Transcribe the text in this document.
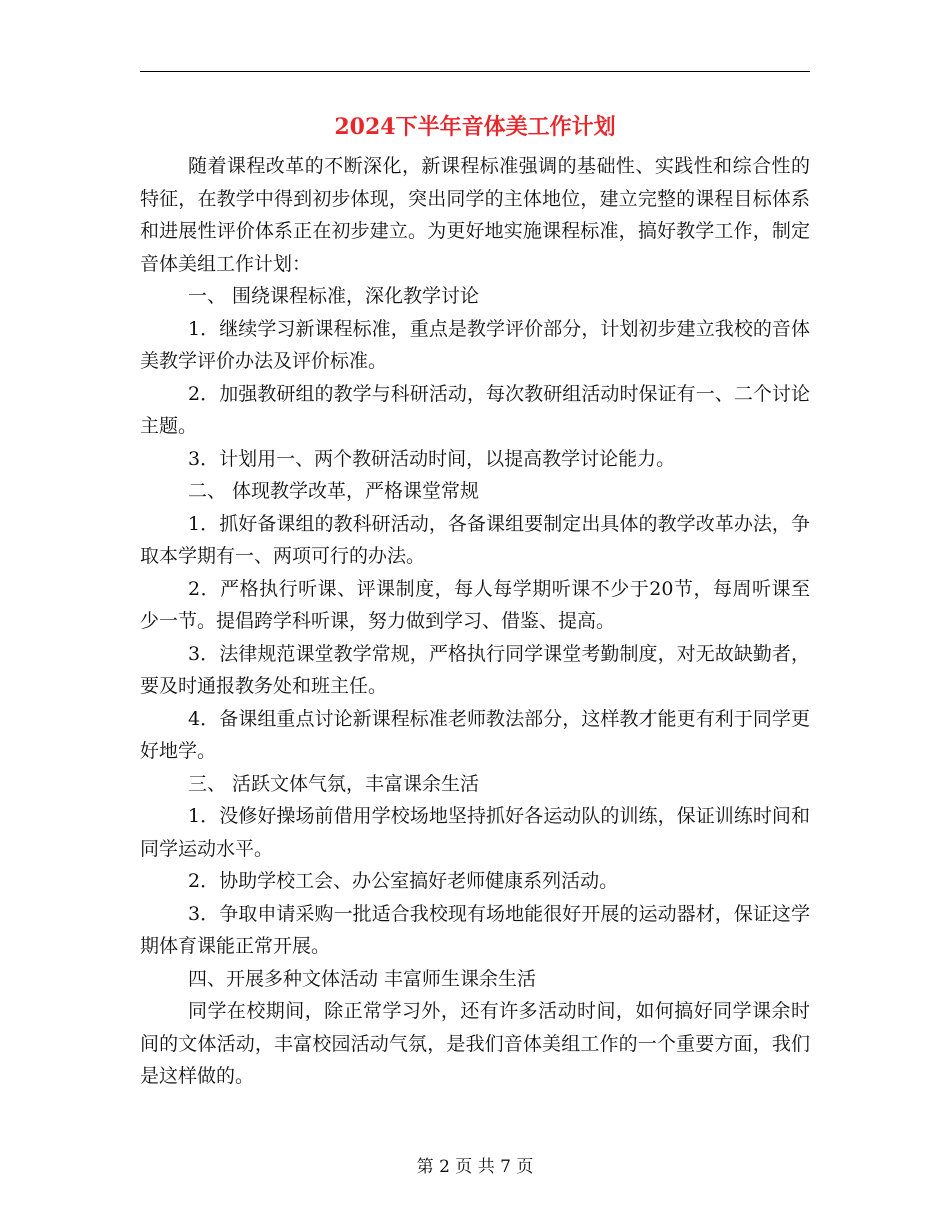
2024下半年音体美工作计划

随着课程改革的不断深化，新课程标准强调的基础性、实践性和综合性的特征，在教学中得到初步体现，突出同学的主体地位，建立完整的课程目标体系和进展性评价体系正在初步建立。为更好地实施课程标准，搞好教学工作，制定音体美组工作计划：

一、 围绕课程标准，深化教学讨论

1．继续学习新课程标准，重点是教学评价部分，计划初步建立我校的音体美教学评价办法及评价标准。

2．加强教研组的教学与科研活动，每次教研组活动时保证有一、二个讨论主题。

3．计划用一、两个教研活动时间，以提高教学讨论能力。

二、 体现教学改革，严格课堂常规

1．抓好备课组的教科研活动，各备课组要制定出具体的教学改革办法，争取本学期有一、两项可行的办法。

2．严格执行听课、评课制度，每人每学期听课不少于20节，每周听课至少一节。提倡跨学科听课，努力做到学习、借鉴、提高。

3．法律规范课堂教学常规，严格执行同学课堂考勤制度，对无故缺勤者，要及时通报教务处和班主任。

4．备课组重点讨论新课程标准老师教法部分，这样教才能更有利于同学更好地学。

三、 活跃文体气氛，丰富课余生活

1．没修好操场前借用学校场地坚持抓好各运动队的训练，保证训练时间和同学运动水平。

2．协助学校工会、办公室搞好老师健康系列活动。

3．争取申请采购一批适合我校现有场地能很好开展的运动器材，保证这学期体育课能正常开展。

四、开展多种文体活动 丰富师生课余生活

同学在校期间，除正常学习外，还有许多活动时间，如何搞好同学课余时间的文体活动，丰富校园活动气氛，是我们音体美组工作的一个重要方面，我们是这样做的。

第 2 页 共 7 页
